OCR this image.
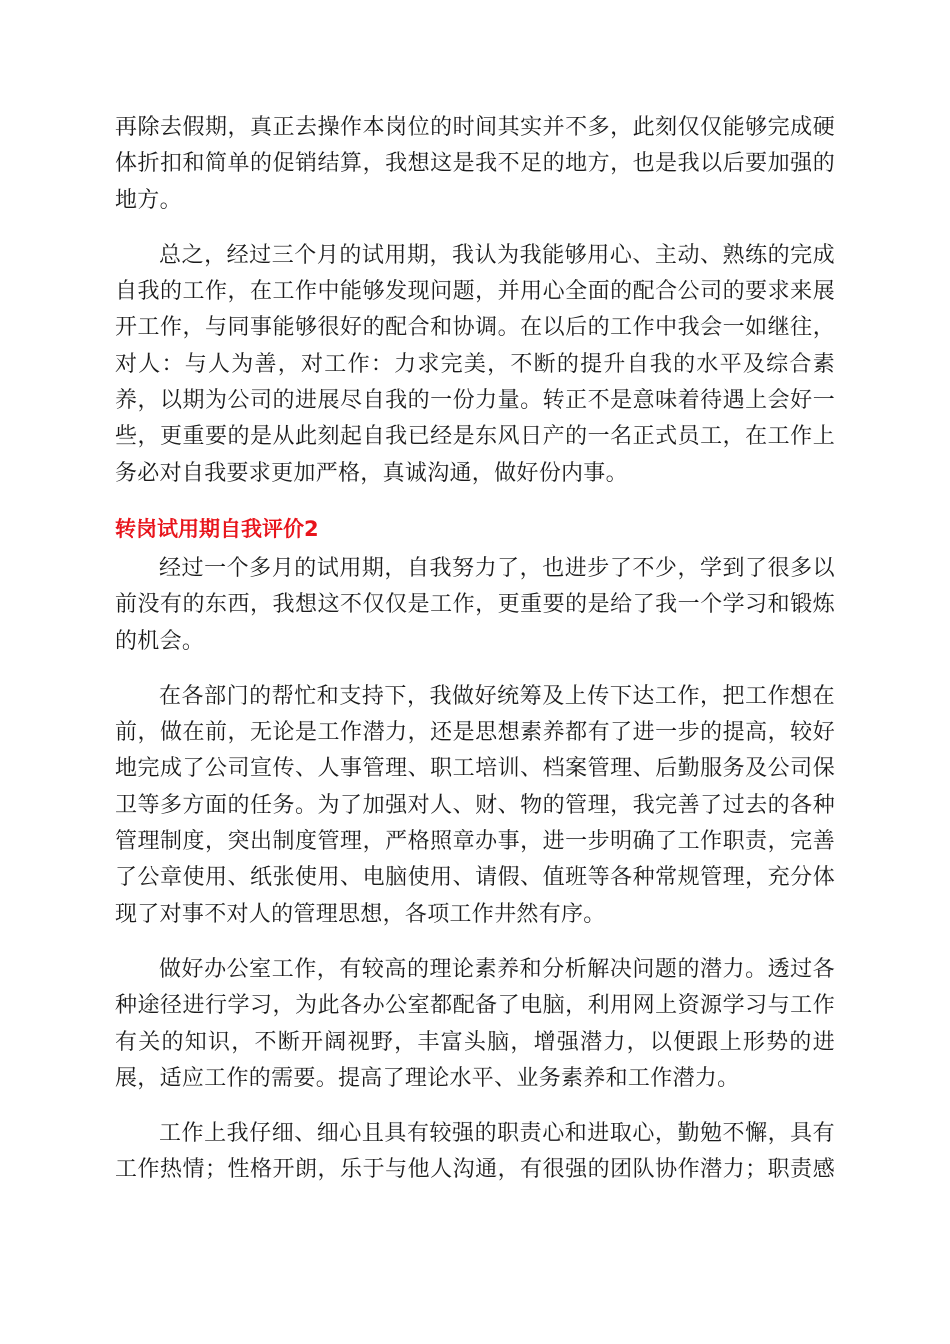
再除去假期，真正去操作本岗位的时间其实并不多，此刻仅仅能够完成硬
体折扣和简单的促销结算，我想这是我不足的地方，也是我以后要加强的
地方。

总之，经过三个月的试用期，我认为我能够用心、主动、熟练的完成
自我的工作，在工作中能够发现问题，并用心全面的配合公司的要求来展
开工作，与同事能够很好的配合和协调。在以后的工作中我会一如继往，
对人：与人为善，对工作：力求完美，不断的提升自我的水平及综合素
养，以期为公司的进展尽自我的一份力量。转正不是意味着待遇上会好一
些，更重要的是从此刻起自我已经是东风日产的一名正式员工，在工作上
务必对自我要求更加严格，真诚沟通，做好份内事。

转岗试用期自我评价2

经过一个多月的试用期，自我努力了，也进步了不少，学到了很多以
前没有的东西，我想这不仅仅是工作，更重要的是给了我一个学习和锻炼
的机会。

在各部门的帮忙和支持下，我做好统筹及上传下达工作，把工作想在
前，做在前，无论是工作潜力，还是思想素养都有了进一步的提高，较好
地完成了公司宣传、人事管理、职工培训、档案管理、后勤服务及公司保
卫等多方面的任务。为了加强对人、财、物的管理，我完善了过去的各种
管理制度，突出制度管理，严格照章办事，进一步明确了工作职责，完善
了公章使用、纸张使用、电脑使用、请假、值班等各种常规管理，充分体
现了对事不对人的管理思想，各项工作井然有序。

做好办公室工作，有较高的理论素养和分析解决问题的潜力。透过各
种途径进行学习，为此各办公室都配备了电脑，利用网上资源学习与工作
有关的知识，不断开阔视野，丰富头脑，增强潜力，以便跟上形势的进
展，适应工作的需要。提高了理论水平、业务素养和工作潜力。

工作上我仔细、细心且具有较强的职责心和进取心，勤勉不懈，具有
工作热情；性格开朗，乐于与他人沟通，有很强的团队协作潜力；职责感
